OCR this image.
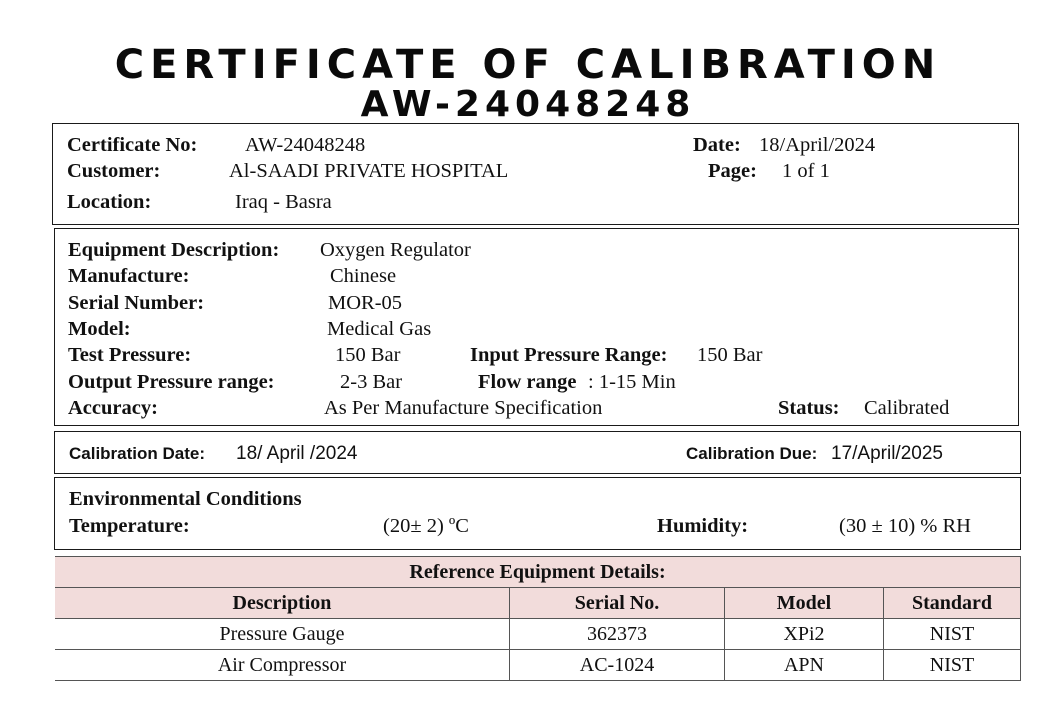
CERTIFICATE OF CALIBRATION
AW-24048248
Certificate No: AW-24048248	Date: 18/April/2024
Customer:	Al-SAADI PRIVATE HOSPITAL	Page: 1 of 1
Location:	Iraq - Basra
Equipment Description: Oxygen Regulator
Manufacture:	Chinese
Serial Number:	MOR-05
Model:	Medical Gas
Test Pressure:	150 Bar	Input Pressure Range: 150 Bar
Output Pressure range:	2-3 Bar	Flow range : 1-15 Min
Accuracy:	As Per Manufacture Specification	Status: Calibrated
Calibration Date: 18/ April /2024	Calibration Due: 17/April/2025
Environmental Conditions
Temperature:	(20± 2) ºC	Humidity:	(30 ± 10) % RH
Reference Equipment Details:			
Description	Serial No.	Model	Standard
Pressure Gauge	362373	XPi2	NIST
Air Compressor	AC-1024	APN	NIST
